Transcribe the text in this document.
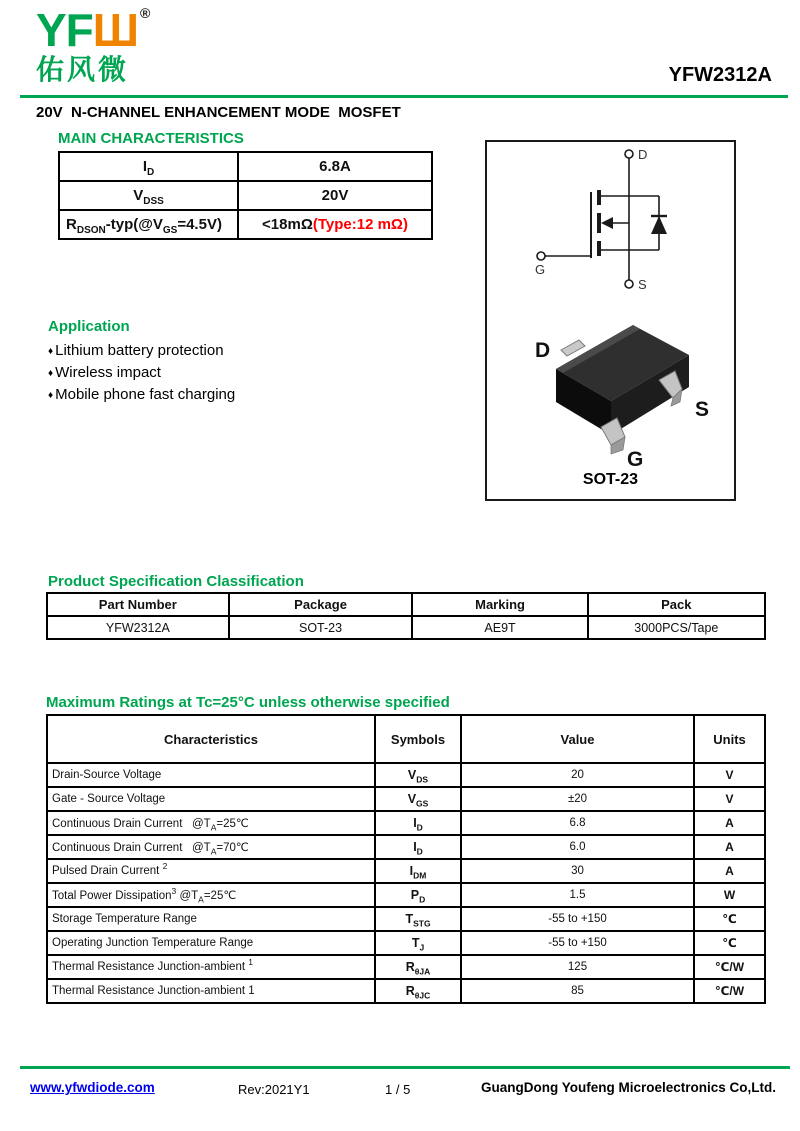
YFШ ®
佑风微	YFW2312A
20V  N-CHANNEL ENHANCEMENT MODE  MOSFET
MAIN CHARACTERISTICS
$I_D$	6.8A
$V_{DSS}$	20V
$R_{DSON}-typ(@V_{GS}=4.5V)$	<18mΩ(Type:12 mΩ)
D
G
S
D
S
G
SOT-23
Application
♦ Lithium battery protection
♦ Wireless impact
♦ Mobile phone fast charging
Product Specification Classification
Part Number	Package	Marking	Pack
YFW2312A	SOT-23	AE9T	3000PCS/Tape
Maximum Ratings at Tc=25°C unless otherwise specified
Characteristics	Symbols	Value	Units
Drain-Source Voltage	$V_{DS}$	20	V
Gate - Source Voltage	$V_{GS}$	±20	V
Continuous Drain Current   $@T_A=25℃$	$I_D$	6.8	A
Continuous Drain Current   $@T_A=70℃$	$I_D$	6.0	A
Pulsed Drain Current $^2$	$I_{DM}$	30	A
Total Power Dissipation$^3$ $@T_A=25℃$	$P_D$	1.5	W
Storage Temperature Range	$T_{STG}$	-55 to +150	℃
Operating Junction Temperature Range	$T_J$	-55 to +150	℃
Thermal Resistance Junction-ambient $^1$	$R_{\theta JA}$	125	℃/W
Thermal Resistance Junction-ambient 1	$R_{\theta JC}$	85	℃/W
www.yfwdiode.com	Rev:2021Y1	1 / 5	GuangDong Youfeng Microelectronics Co,Ltd.
